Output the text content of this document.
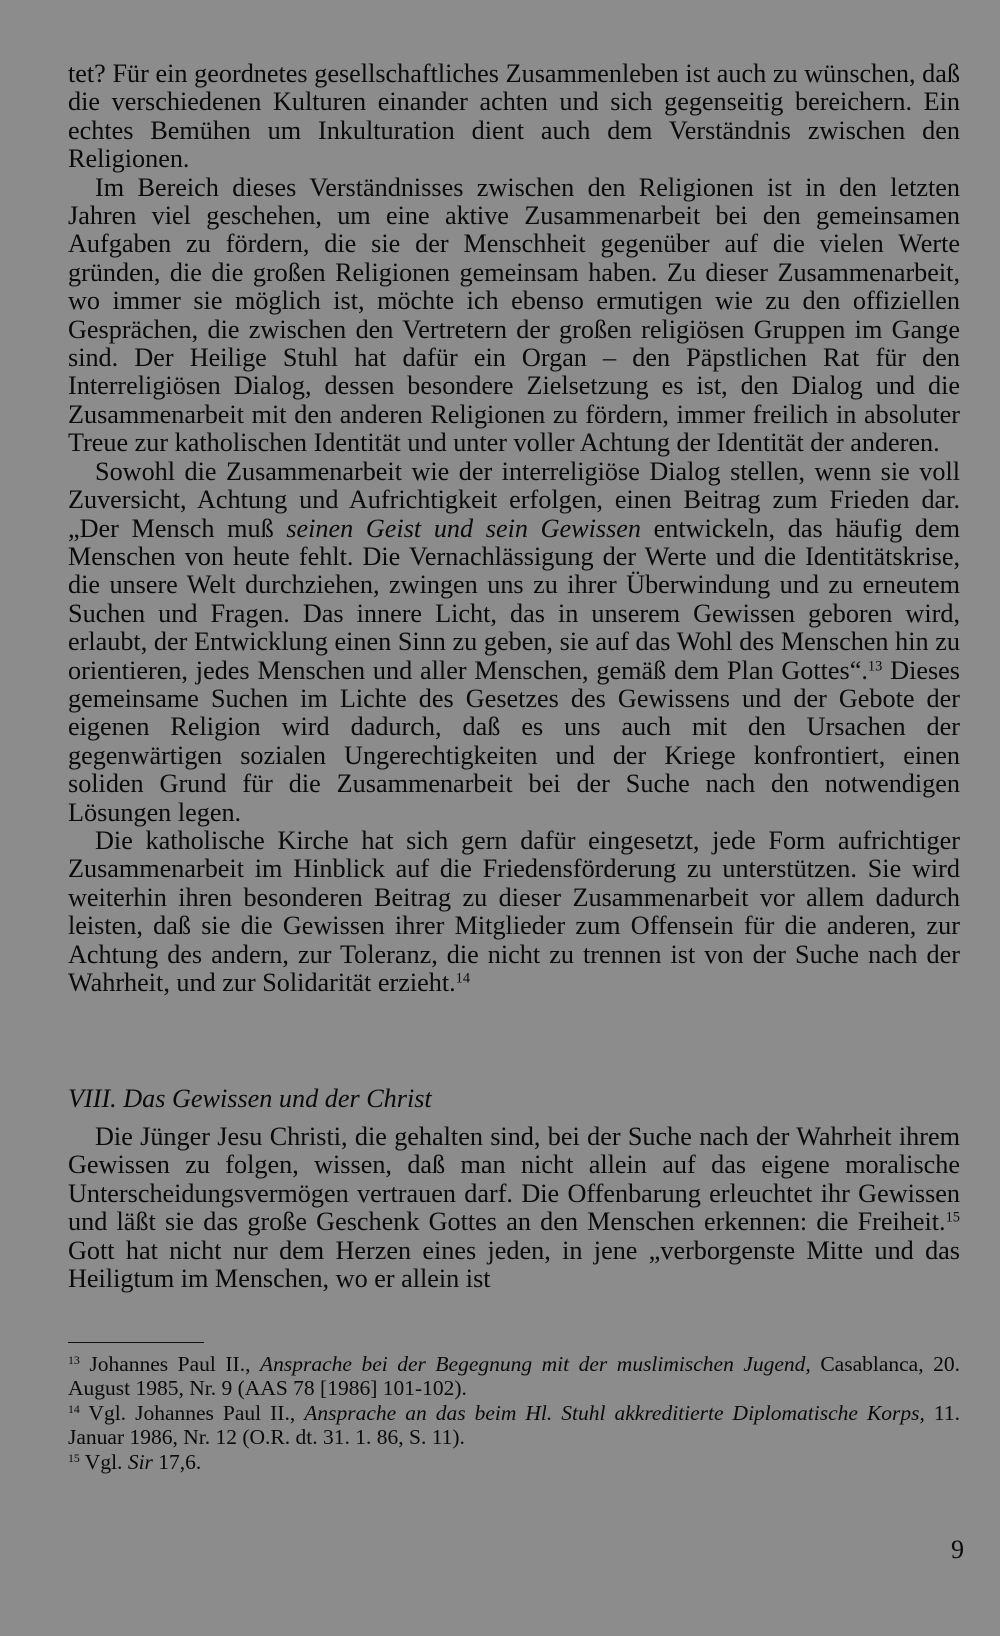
tet? Für ein geordnetes gesellschaftliches Zusammenleben ist auch zu wünschen, daß die verschiedenen Kulturen einander achten und sich gegenseitig bereichern. Ein echtes Bemühen um Inkulturation dient auch dem Verständnis zwischen den Religionen.

Im Bereich dieses Verständnisses zwischen den Religionen ist in den letzten Jahren viel geschehen, um eine aktive Zusammenarbeit bei den gemeinsamen Aufgaben zu fördern, die sie der Menschheit gegenüber auf die vielen Werte gründen, die die großen Religionen gemeinsam haben. Zu dieser Zusammenarbeit, wo immer sie möglich ist, möchte ich ebenso ermutigen wie zu den offiziellen Gesprächen, die zwischen den Vertretern der großen religiösen Gruppen im Gange sind. Der Heilige Stuhl hat dafür ein Organ – den Päpstlichen Rat für den Interreligiösen Dialog, dessen besondere Zielsetzung es ist, den Dialog und die Zusammenarbeit mit den anderen Religionen zu fördern, immer freilich in absoluter Treue zur katholischen Identität und unter voller Achtung der Identität der anderen.

Sowohl die Zusammenarbeit wie der interreligiöse Dialog stellen, wenn sie voll Zuversicht, Achtung und Aufrichtigkeit erfolgen, einen Beitrag zum Frieden dar. „Der Mensch muß seinen Geist und sein Gewissen entwickeln, das häufig dem Menschen von heute fehlt. Die Vernachlässigung der Werte und die Identitätskrise, die unsere Welt durchziehen, zwingen uns zu ihrer Überwindung und zu erneutem Suchen und Fragen. Das innere Licht, das in unserem Gewissen geboren wird, erlaubt, der Entwicklung einen Sinn zu geben, sie auf das Wohl des Menschen hin zu orientieren, jedes Menschen und aller Menschen, gemäß dem Plan Gottes“.$^{13}$ Dieses gemeinsame Suchen im Lichte des Gesetzes des Gewissens und der Gebote der eigenen Religion wird dadurch, daß es uns auch mit den Ursachen der gegenwärtigen sozialen Ungerechtigkeiten und der Kriege konfrontiert, einen soliden Grund für die Zusammenarbeit bei der Suche nach den notwendigen Lösungen legen.

Die katholische Kirche hat sich gern dafür eingesetzt, jede Form aufrichtiger Zusammenarbeit im Hinblick auf die Friedensförderung zu unterstützen. Sie wird weiterhin ihren besonderen Beitrag zu dieser Zusammenarbeit vor allem dadurch leisten, daß sie die Gewissen ihrer Mitglieder zum Offensein für die anderen, zur Achtung des andern, zur Toleranz, die nicht zu trennen ist von der Suche nach der Wahrheit, und zur Solidarität erzieht.$^{14}$

VIII. Das Gewissen und der Christ

Die Jünger Jesu Christi, die gehalten sind, bei der Suche nach der Wahrheit ihrem Gewissen zu folgen, wissen, daß man nicht allein auf das eigene moralische Unterscheidungsvermögen vertrauen darf. Die Offenbarung erleuchtet ihr Gewissen und läßt sie das große Geschenk Gottes an den Menschen erkennen: die Freiheit.$^{15}$ Gott hat nicht nur dem Herzen eines jeden, in jene „verborgenste Mitte und das Heiligtum im Menschen, wo er allein ist

$^{13}$ Johannes Paul II., Ansprache bei der Begegnung mit der muslimischen Jugend, Casablanca, 20. August 1985, Nr. 9 (AAS 78 [1986] 101-102).

$^{14}$ Vgl. Johannes Paul II., Ansprache an das beim Hl. Stuhl akkreditierte Diplomatische Korps, 11. Januar 1986, Nr. 12 (O.R. dt. 31. 1. 86, S. 11).

$^{15}$ Vgl. Sir 17,6.

9
